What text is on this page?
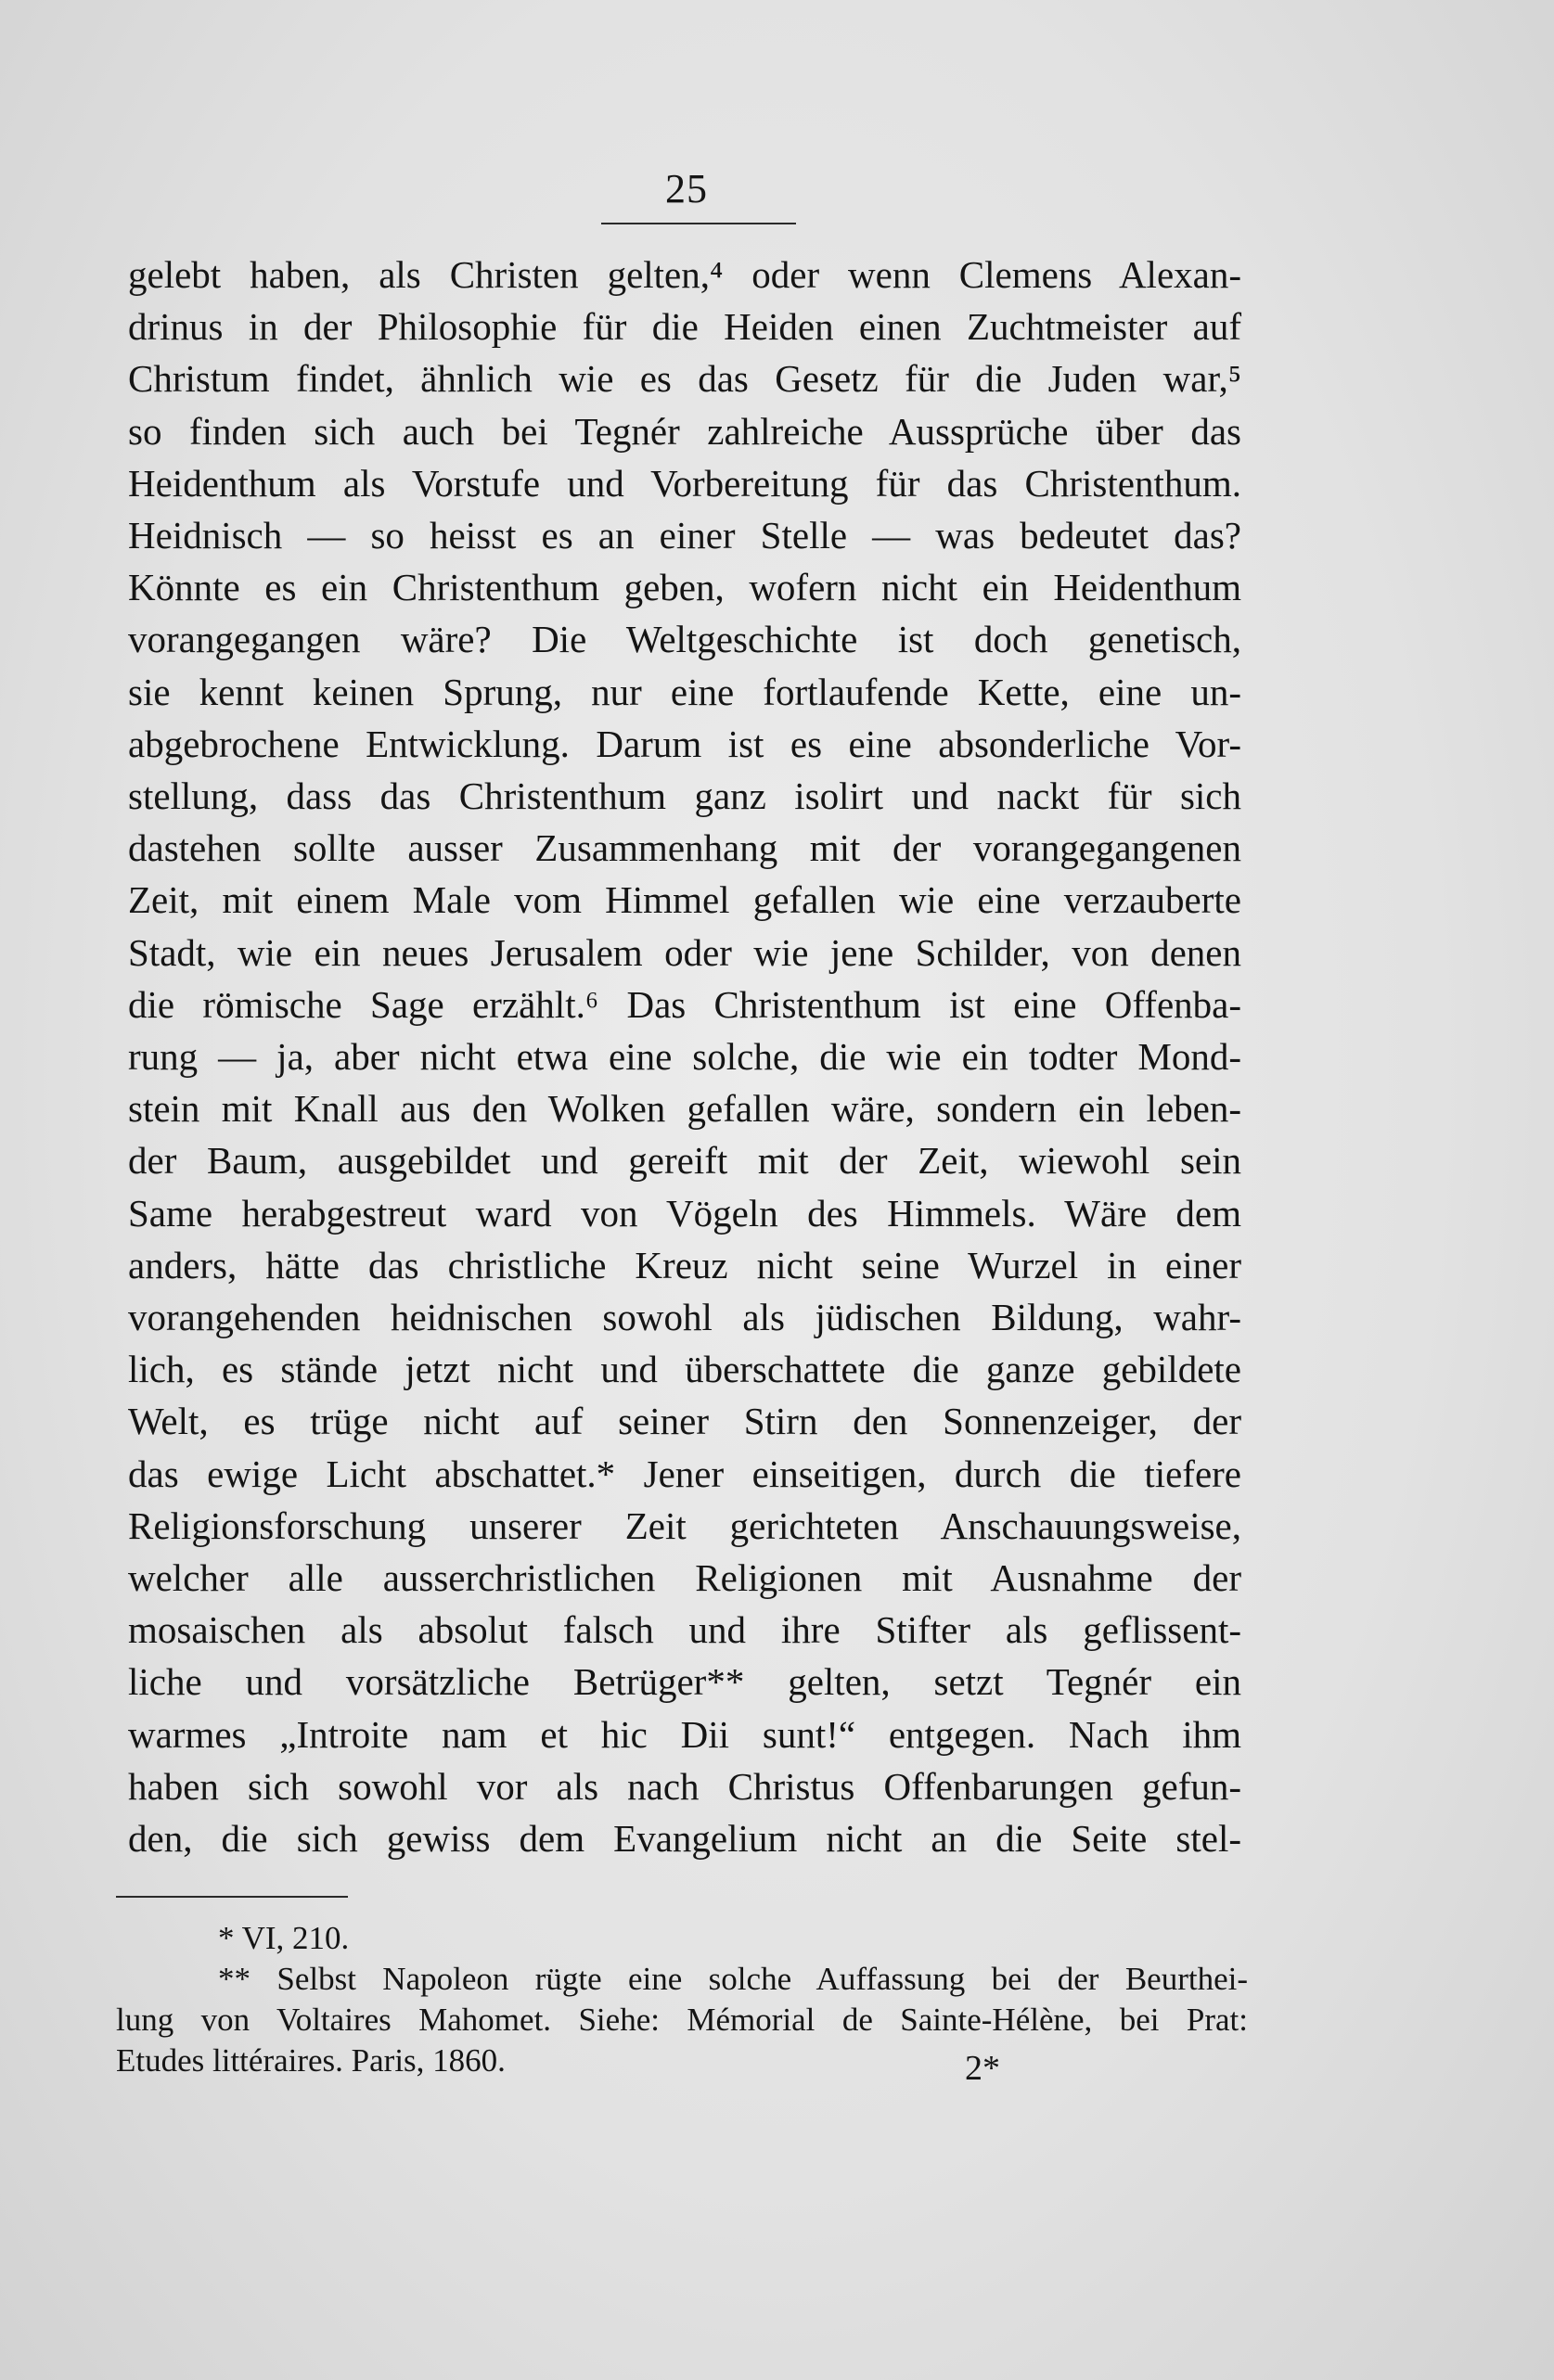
25
gelebt haben, als Christen gelten,⁴ oder wenn Clemens Alexan-
drinus in der Philosophie für die Heiden einen Zuchtmeister auf
Christum findet, ähnlich wie es das Gesetz für die Juden war,⁵
so finden sich auch bei Tegnér zahlreiche Aussprüche über das
Heidenthum als Vorstufe und Vorbereitung für das Christenthum.
Heidnisch — so heisst es an einer Stelle — was bedeutet das?
Könnte es ein Christenthum geben, wofern nicht ein Heidenthum
vorangegangen wäre? Die Weltgeschichte ist doch genetisch,
sie kennt keinen Sprung, nur eine fortlaufende Kette, eine un-
abgebrochene Entwicklung. Darum ist es eine absonderliche Vor-
stellung, dass das Christenthum ganz isolirt und nackt für sich
dastehen sollte ausser Zusammenhang mit der vorangegangenen
Zeit, mit einem Male vom Himmel gefallen wie eine verzauberte
Stadt, wie ein neues Jerusalem oder wie jene Schilder, von denen
die römische Sage erzählt.⁶ Das Christenthum ist eine Offenba-
rung — ja, aber nicht etwa eine solche, die wie ein todter Mond-
stein mit Knall aus den Wolken gefallen wäre, sondern ein leben-
der Baum, ausgebildet und gereift mit der Zeit, wiewohl sein
Same herabgestreut ward von Vögeln des Himmels. Wäre dem
anders, hätte das christliche Kreuz nicht seine Wurzel in einer
vorangehenden heidnischen sowohl als jüdischen Bildung, wahr-
lich, es stände jetzt nicht und überschattete die ganze gebildete
Welt, es trüge nicht auf seiner Stirn den Sonnenzeiger, der
das ewige Licht abschattet.* Jener einseitigen, durch die tiefere
Religionsforschung unserer Zeit gerichteten Anschauungsweise,
welcher alle ausserchristlichen Religionen mit Ausnahme der
mosaischen als absolut falsch und ihre Stifter als geflissent-
liche und vorsätzliche Betrüger** gelten, setzt Tegnér ein
warmes „Introite nam et hic Dii sunt!“ entgegen. Nach ihm
haben sich sowohl vor als nach Christus Offenbarungen gefun-
den, die sich gewiss dem Evangelium nicht an die Seite stel-
* VI, 210.
** Selbst Napoleon rügte eine solche Auffassung bei der Beurthei-
lung von Voltaires Mahomet. Siehe: Mémorial de Sainte-Hélène, bei Prat:
Etudes littéraires. Paris, 1860.	2*
